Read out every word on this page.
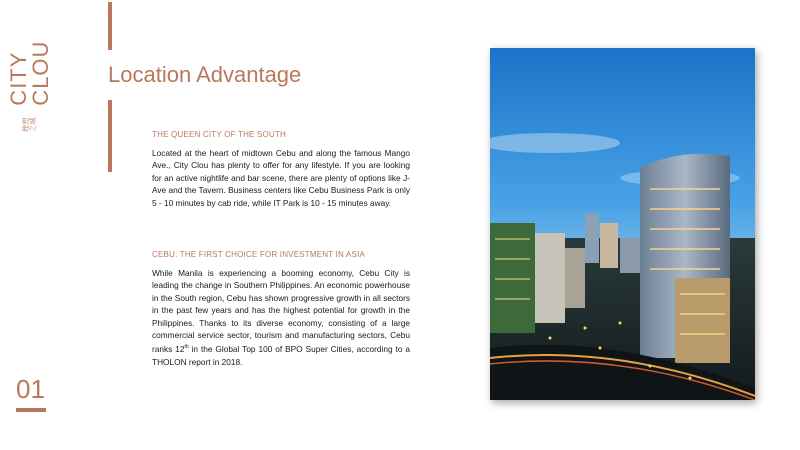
理想之城
CITY CLOU	Location Advantage
THE QUEEN CITY OF THE SOUTH

Located at the heart of midtown Cebu and along the famous Mango Ave., City Clou has plenty to offer for any lifestyle. If you are looking for an active nightlife and bar scene, there are plenty of options like J-Ave and the Tavern. Business centers like Cebu Business Park is only 5 - 10 minutes by cab ride, while IT Park is 10 - 15 minutes away.

CEBU: THE FIRST CHOICE FOR INVESTMENT IN ASIA

While Manila is experiencing a booming economy, Cebu City is leading the change in Southern Philippines. An economic powerhouse in the South region, Cebu has shown progressive growth in all sectors in the past few years and has the highest potential for growth in the Philippines. Thanks to its diverse economy, consisting of a large commercial service sector, tourism and manufacturing sectors, Cebu ranks 12th in the Global Top 100 of BPO Super Cities, according to a THOLON report in 2018.

01
